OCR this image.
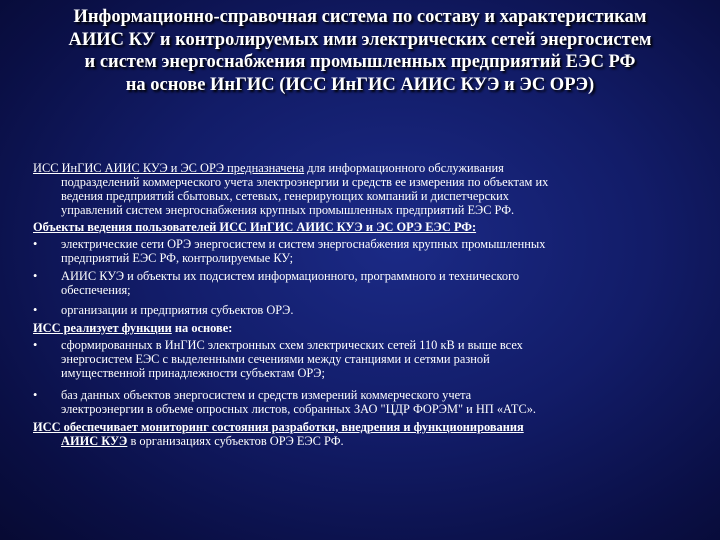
Информационно-справочная система по составу и характеристикам
АИИС КУ и контролируемых ими электрических сетей энергосистем
и систем энергоснабжения промышленных предприятий ЕЭС РФ
на основе ИнГИС (ИСС ИнГИС АИИС КУЭ и ЭС ОРЭ)
ИСС ИнГИС АИИС КУЭ и ЭС ОРЭ предназначена для информационного обслуживания
подразделений коммерческого учета электроэнергии и средств ее измерения по объектам их
ведения предприятий сбытовых, сетевых, генерирующих компаний и диспетчерских
управлений систем энергоснабжения крупных промышленных предприятий ЕЭС РФ.
Объекты ведения пользователей ИСС ИнГИС АИИС КУЭ и ЭС ОРЭ ЕЭС РФ:
• электрические сети ОРЭ энергосистем и систем энергоснабжения крупных промышленных
предприятий ЕЭС РФ, контролируемые КУ;
• АИИС КУЭ и объекты их подсистем информационного, программного и технического
обеспечения;
• организации и предприятия субъектов ОРЭ.
ИСС реализует функции на основе:
• сформированных в ИнГИС электронных схем электрических сетей 110 кВ и выше всех
энергосистем ЕЭС с выделенными сечениями между станциями и сетями разной
имущественной принадлежности субъектам ОРЭ;
• баз данных объектов энергосистем и средств измерений коммерческого учета
электроэнергии в объеме опросных листов, собранных ЗАО "ЦДР ФОРЭМ" и НП «АТС».
ИСС обеспечивает мониторинг состояния разработки, внедрения и функционирования
АИИС КУЭ в организациях субъектов ОРЭ ЕЭС РФ.
